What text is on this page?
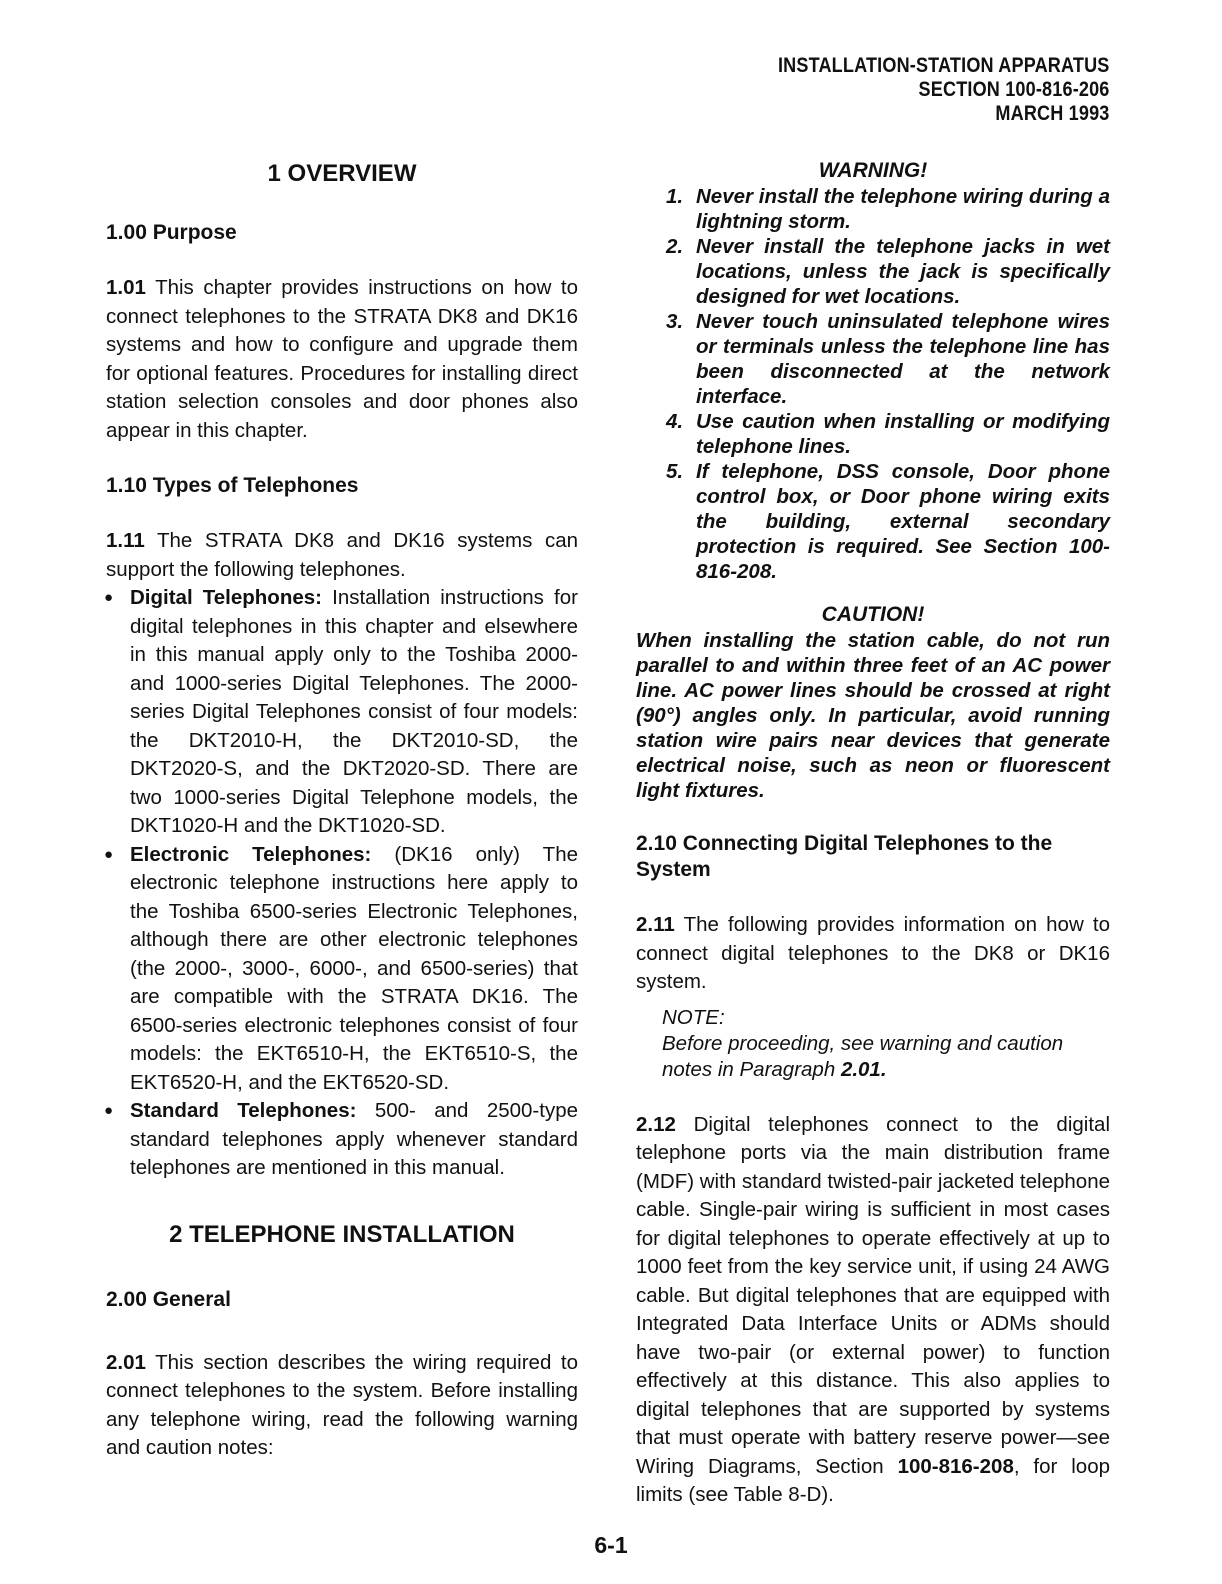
INSTALLATION-STATION APPARATUS
SECTION 100-816-206
MARCH 1993
1 OVERVIEW
1.00 Purpose

1.01 This chapter provides instructions on how to connect telephones to the STRATA DK8 and DK16 systems and how to configure and upgrade them for optional features. Procedures for installing direct station selection consoles and door phones also appear in this chapter.

1.10 Types of Telephones

1.11 The STRATA DK8 and DK16 systems can support the following telephones.

● Digital Telephones: Installation instructions for digital telephones in this chapter and elsewhere in this manual apply only to the Toshiba 2000- and 1000-series Digital Telephones. The 2000-series Digital Telephones consist of four models: the DKT2010-H, the DKT2010-SD, the DKT2020-S, and the DKT2020-SD. There are two 1000-series Digital Telephone models, the DKT1020-H and the DKT1020-SD.
● Electronic Telephones: (DK16 only) The electronic telephone instructions here apply to the Toshiba 6500-series Electronic Telephones, although there are other electronic telephones (the 2000-, 3000-, 6000-, and 6500-series) that are compatible with the STRATA DK16. The 6500-series electronic telephones consist of four models: the EKT6510-H, the EKT6510-S, the EKT6520-H, and the EKT6520-SD.
● Standard Telephones: 500- and 2500-type standard telephones apply whenever standard telephones are mentioned in this manual.
2 TELEPHONE INSTALLATION
2.00 General

2.01 This section describes the wiring required to connect telephones to the system. Before installing any telephone wiring, read the following warning and caution notes:

WARNING!
1. Never install the telephone wiring during a lightning storm.
2. Never install the telephone jacks in wet locations, unless the jack is specifically designed for wet locations.
3. Never touch uninsulated telephone wires or terminals unless the telephone line has been disconnected at the network interface.
4. Use caution when installing or modifying telephone lines.
5. If telephone, DSS console, Door phone control box, or Door phone wiring exits the building, external secondary protection is required. See Section 100-816-208.
CAUTION!
When installing the station cable, do not run parallel to and within three feet of an AC power line. AC power lines should be crossed at right (90°) angles only. In particular, avoid running station wire pairs near devices that generate electrical noise, such as neon or fluorescent light fixtures.
2.10 Connecting Digital Telephones to the System

2.11 The following provides information on how to connect digital telephones to the DK8 or DK16 system.

NOTE:
Before proceeding, see warning and caution notes in Paragraph 2.01.

2.12 Digital telephones connect to the digital telephone ports via the main distribution frame (MDF) with standard twisted-pair jacketed telephone cable. Single-pair wiring is sufficient in most cases for digital telephones to operate effectively at up to 1000 feet from the key service unit, if using 24 AWG cable. But digital telephones that are equipped with Integrated Data Interface Units or ADMs should have two-pair (or external power) to function effectively at this distance. This also applies to digital telephones that are supported by systems that must operate with battery reserve power—see Wiring Diagrams, Section 100-816-208, for loop limits (see Table 8-D).

6-1
